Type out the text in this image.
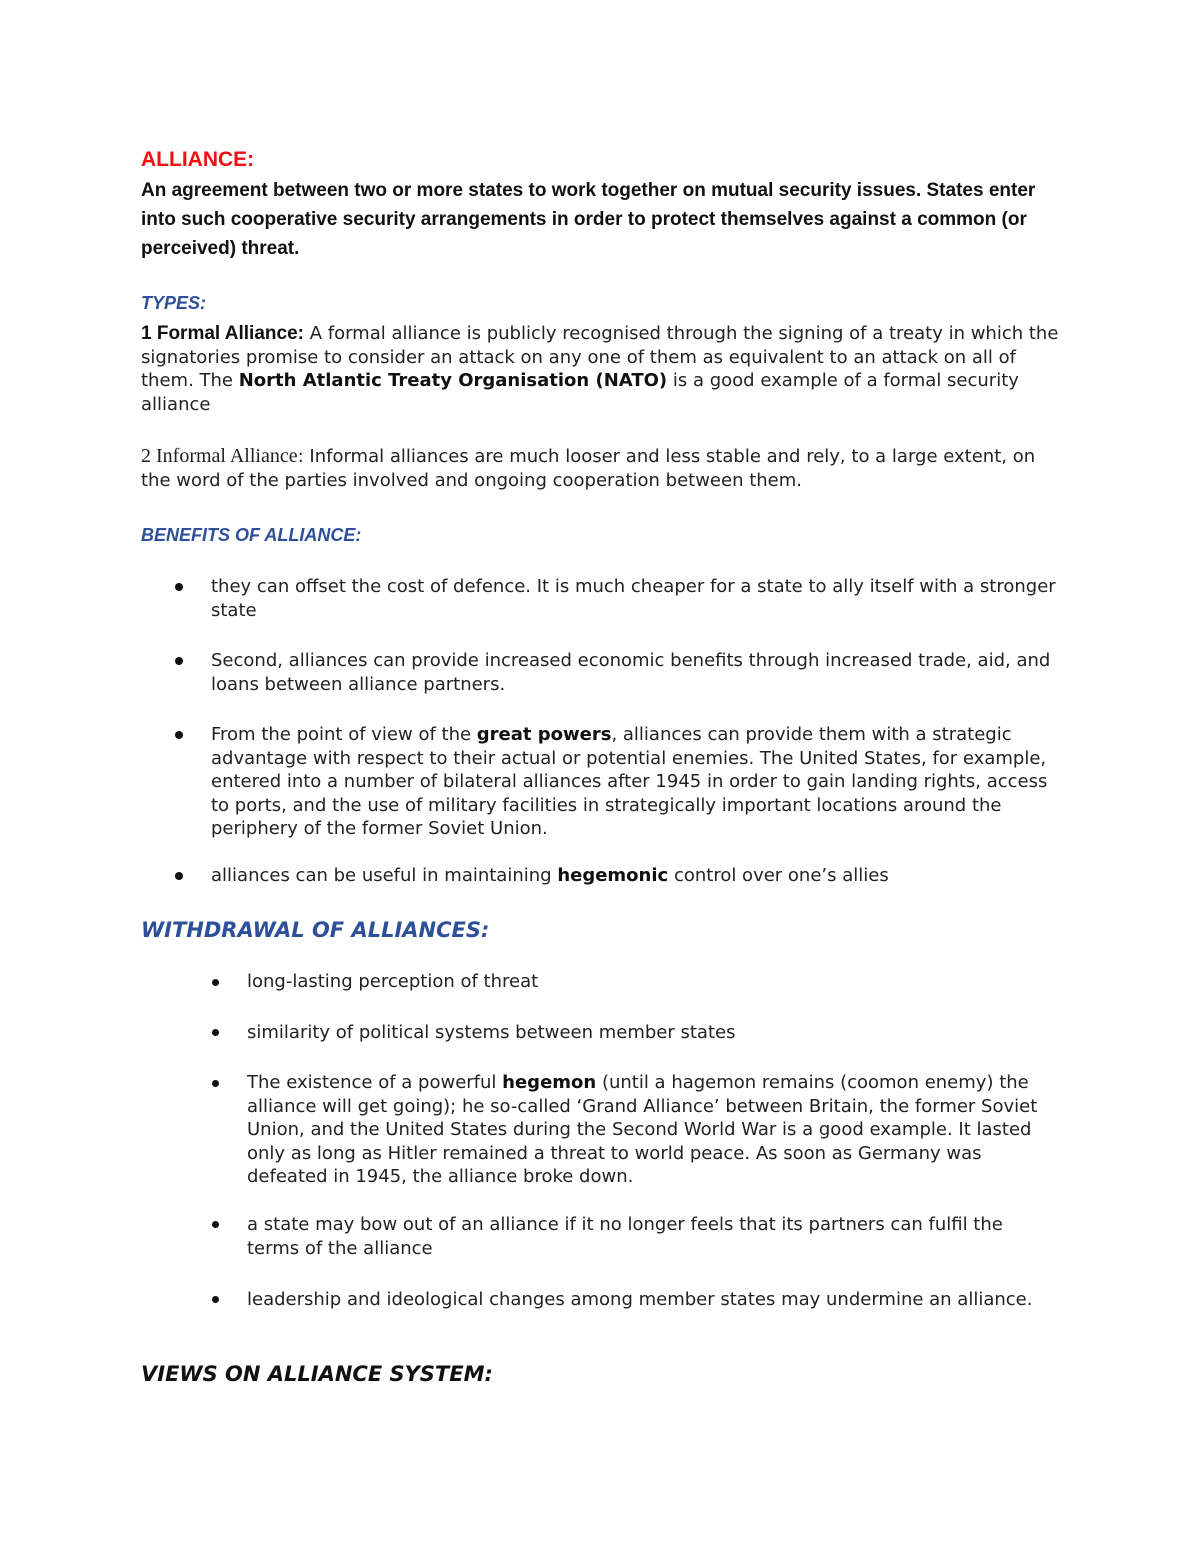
ALLIANCE:
An agreement between two or more states to work together on mutual security issues. States enter into such cooperative security arrangements in order to protect themselves against a common (or perceived) threat.
TYPES:
1 Formal Alliance: A formal alliance is publicly recognised through the signing of a treaty in which the signatories promise to consider an attack on any one of them as equivalent to an attack on all of them. The North Atlantic Treaty Organisation (NATO) is a good example of a formal security alliance
2 Informal Alliance: Informal alliances are much looser and less stable and rely, to a large extent, on the word of the parties involved and ongoing cooperation between them.
BENEFITS OF ALLIANCE:
they can offset the cost of defence. It is much cheaper for a state to ally itself with a stronger state
Second, alliances can provide increased economic benefits through increased trade, aid, and loans between alliance partners.
From the point of view of the great powers, alliances can provide them with a strategic advantage with respect to their actual or potential enemies. The United States, for example, entered into a number of bilateral alliances after 1945 in order to gain landing rights, access to ports, and the use of military facilities in strategically important locations around the periphery of the former Soviet Union.
alliances can be useful in maintaining hegemonic control over one’s allies
WITHDRAWAL OF ALLIANCES:
long-lasting perception of threat
similarity of political systems between member states
The existence of a powerful hegemon (until a hagemon remains (coomon enemy) the alliance will get going); he so-called ‘Grand Alliance’ between Britain, the former Soviet Union, and the United States during the Second World War is a good example. It lasted only as long as Hitler remained a threat to world peace. As soon as Germany was defeated in 1945, the alliance broke down.
a state may bow out of an alliance if it no longer feels that its partners can fulfil the terms of the alliance
leadership and ideological changes among member states may undermine an alliance.
VIEWS ON ALLIANCE SYSTEM:
